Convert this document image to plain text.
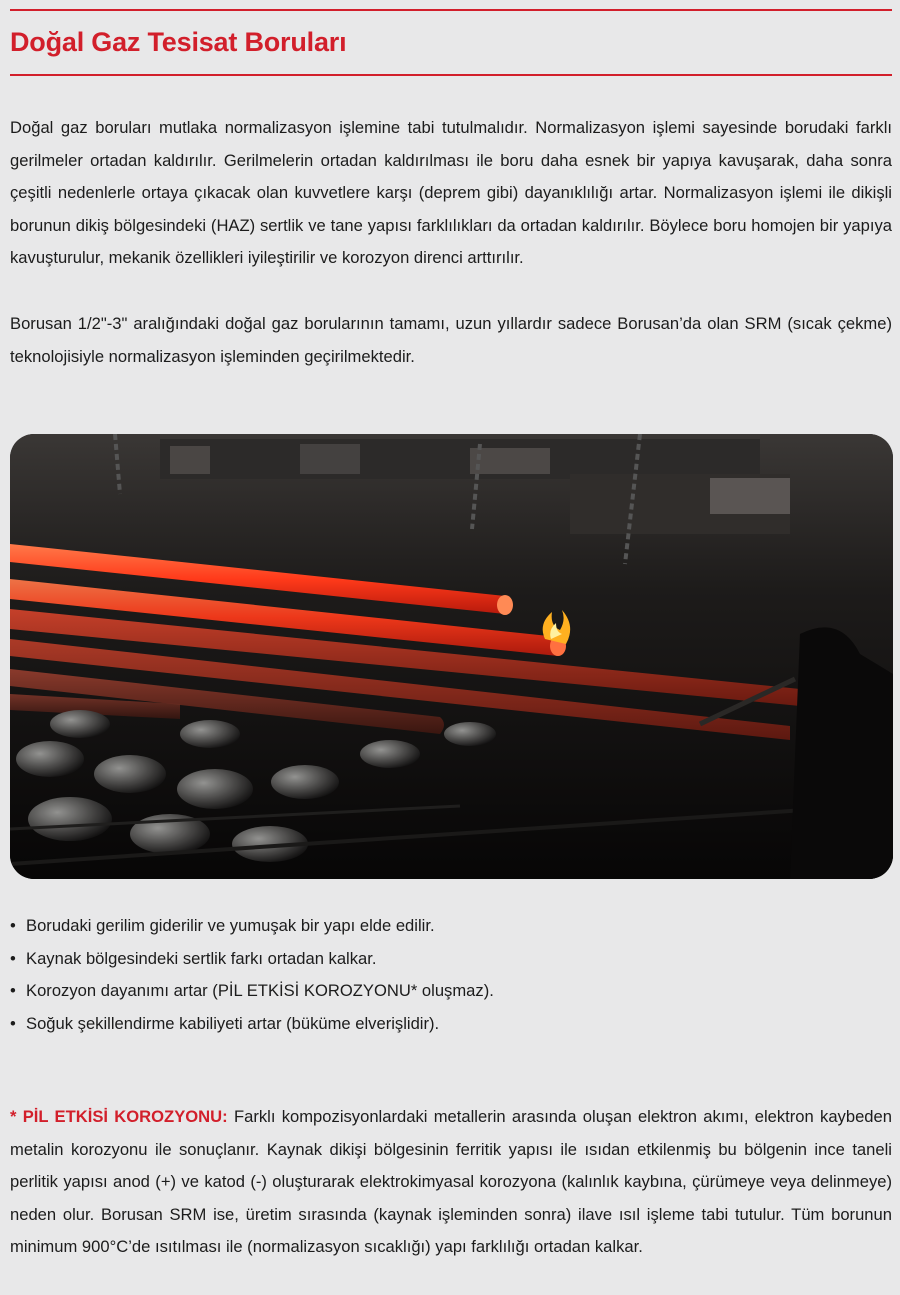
Doğal Gaz Tesisat Boruları

Doğal gaz boruları mutlaka normalizasyon işlemine tabi tutulmalıdır. Normalizasyon işlemi sayesinde borudaki farklı gerilmeler ortadan kaldırılır. Gerilmelerin ortadan kaldırılması ile boru daha esnek bir yapıya kavuşarak, daha sonra çeşitli nedenlerle ortaya çıkacak olan kuvvetlere karşı (deprem gibi) dayanıklılığı artar. Normalizasyon işlemi ile dikişli borunun dikiş bölgesindeki (HAZ) sertlik ve tane yapısı farklılıkları da ortadan kaldırılır. Böylece boru homojen bir yapıya kavuşturulur, mekanik özellikleri iyileştirilir ve korozyon direnci arttırılır.

Borusan 1/2"-3" aralığındaki doğal gaz borularının tamamı, uzun yıllardır sadece Borusan’da olan SRM (sıcak çekme) teknolojisiyle normalizasyon işleminden geçirilmektedir.

• Borudaki gerilim giderilir ve yumuşak bir yapı elde edilir.
• Kaynak bölgesindeki sertlik farkı ortadan kalkar.
• Korozyon dayanımı artar (PİL ETKİSİ KOROZYONU* oluşmaz).
• Soğuk şekillendirme kabiliyeti artar (büküme elverişlidir).

* PİL ETKİSİ KOROZYONU: Farklı kompozisyonlardaki metallerin arasında oluşan elektron akımı, elektron kaybeden metalin korozyonu ile sonuçlanır. Kaynak dikişi bölgesinin ferritik yapısı ile ısıdan etkilenmiş bu bölgenin ince taneli perlitik yapısı anod (+) ve katod (-) oluşturarak elektrokimyasal korozyona (kalınlık kaybına, çürümeye veya delinmeye) neden olur. Borusan SRM ise, üretim sırasında (kaynak işleminden sonra) ilave ısıl işleme tabi tutulur. Tüm borunun minimum 900°C’de ısıtılması ile (normalizasyon sıcaklığı) yapı farklılığı ortadan kalkar.
